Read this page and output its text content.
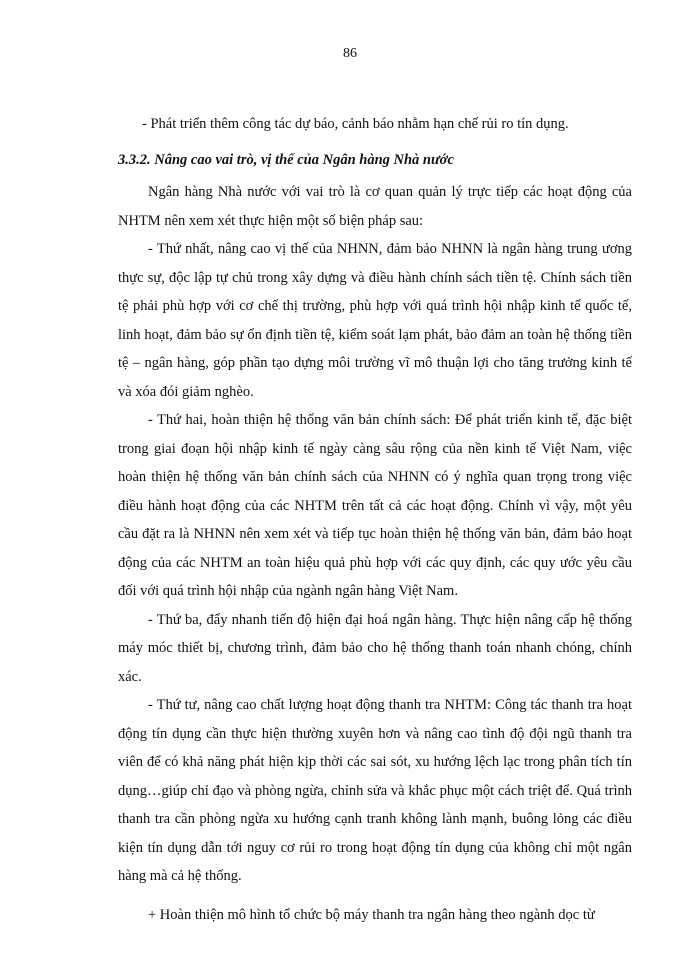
86

- Phát triển thêm công tác dự báo, cảnh báo nhằm hạn chế rủi ro tín dụng.

3.3.2. Nâng cao vai trò, vị thế của Ngân hàng Nhà nước

Ngân hàng Nhà nước với vai trò là cơ quan quản lý trực tiếp các hoạt động của NHTM nên xem xét thực hiện một số biện pháp sau:

- Thứ nhất, nâng cao vị thế của NHNN, đảm bảo NHNN là ngân hàng trung ương thực sự, độc lập tự chủ trong xây dựng và điều hành chính sách tiền tệ. Chính sách tiền tệ phải phù hợp với cơ chế thị trường, phù hợp với quá trình hội nhập kinh tế quốc tế, linh hoạt, đảm bảo sự ổn định tiền tệ, kiểm soát lạm phát, bảo đảm an toàn hệ thống tiền tệ – ngân hàng, góp phần tạo dựng môi trường vĩ mô thuận lợi cho tăng trưởng kinh tế và xóa đói giảm nghèo.

- Thứ hai, hoàn thiện hệ thống văn bản chính sách: Để phát triển kinh tế, đặc biệt trong giai đoạn hội nhập kinh tế ngày càng sâu rộng của nền kinh tế Việt Nam, việc hoàn thiện hệ thống văn bản chính sách của NHNN có ý nghĩa quan trọng trong việc điều hành hoạt động của các NHTM trên tất cả các hoạt động. Chính vì vậy, một yêu cầu đặt ra là NHNN nên xem xét và tiếp tục hoàn thiện hệ thống văn bản, đảm bảo hoạt động của các NHTM an toàn hiệu quả phù hợp với các quy định, các quy ước yêu cầu đối với quá trình hội nhập của ngành ngân hàng Việt Nam.

- Thứ ba, đẩy nhanh tiến độ hiện đại hoá ngân hàng. Thực hiện nâng cấp hệ thống máy móc thiết bị, chương trình, đảm bảo cho hệ thống thanh toán nhanh chóng, chính xác.

- Thứ tư, nâng cao chất lượng hoạt động thanh tra NHTM: Công tác thanh tra hoạt động tín dụng cần thực hiện thường xuyên hơn và nâng cao tình độ đội ngũ thanh tra viên để có khả năng phát hiện kịp thời các sai sót, xu hướng lệch lạc trong phân tích tín dụng…giúp chỉ đạo và phòng ngừa, chỉnh sửa và khắc phục một cách triệt để. Quá trình thanh tra cần phòng ngừa xu hướng cạnh tranh không lành mạnh, buông lỏng các điều kiện tín dụng dẫn tới nguy cơ rủi ro trong hoạt động tín dụng của không chỉ một ngân hàng mà cả hệ thống.

+ Hoàn thiện mô hình tổ chức bộ máy thanh tra ngân hàng theo ngành dọc từ
